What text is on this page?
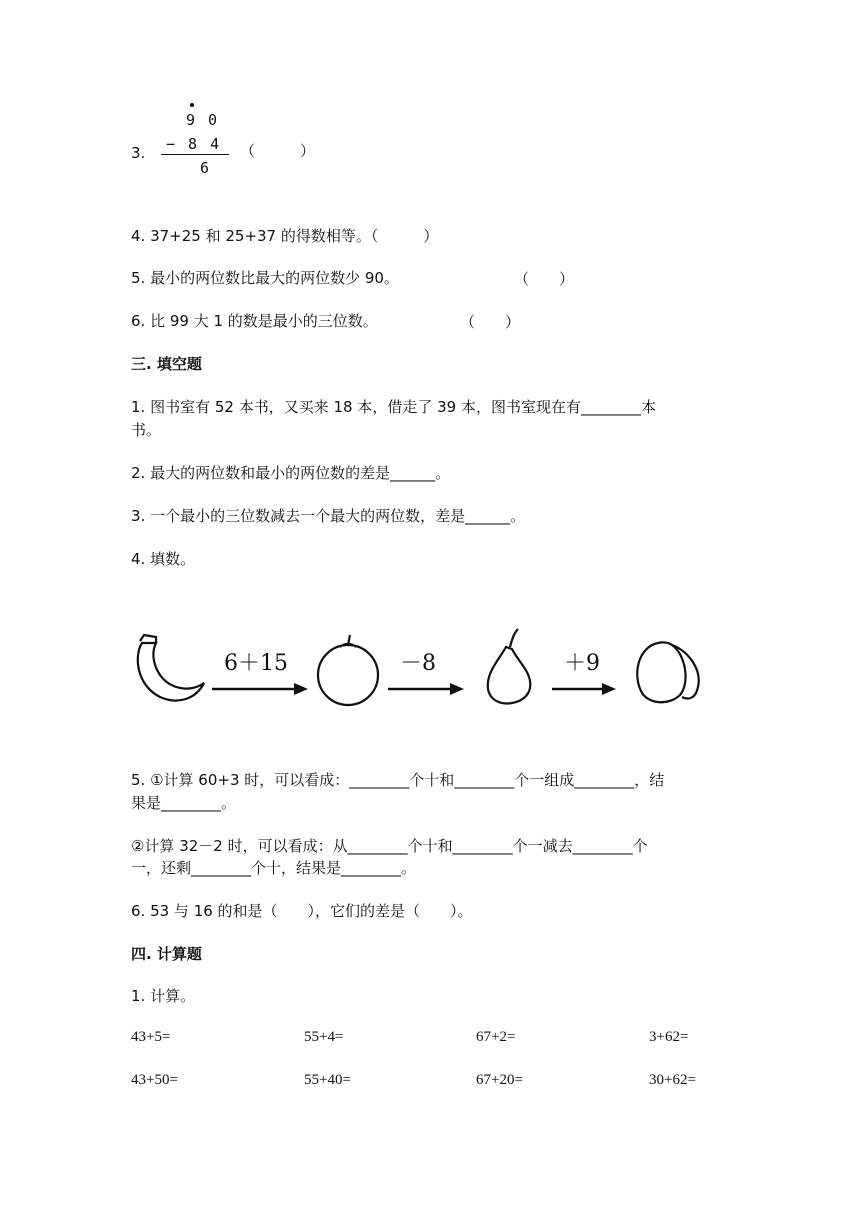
3.
9 0
− 8 4
6
（　　　）
4. 37+25 和 25+37 的得数相等。（　　　）
5. 最小的两位数比最大的两位数少 90。	（　　）
6. 比 99 大 1 的数是最小的三位数。	（　　）
三. 填空题
1. 图书室有 52 本书，又买来 18 本，借走了 39 本，图书室现在有________本
书。
2. 最大的两位数和最小的两位数的差是______。
3. 一个最小的三位数减去一个最大的两位数，差是______。
4. 填数。
6＋15	－8	＋9
5. ①计算 60+3 时，可以看成：________个十和________个一组成________，结
果是________。
②计算 32－2 时，可以看成：从________个十和________个一减去________个
一，还剩________个十，结果是________。
6. 53 与 16 的和是（　　），它们的差是（　　）。
四. 计算题
1. 计算。
43+5=	55+4=	67+2=	3+62=
43+50=	55+40=	67+20=	30+62=
